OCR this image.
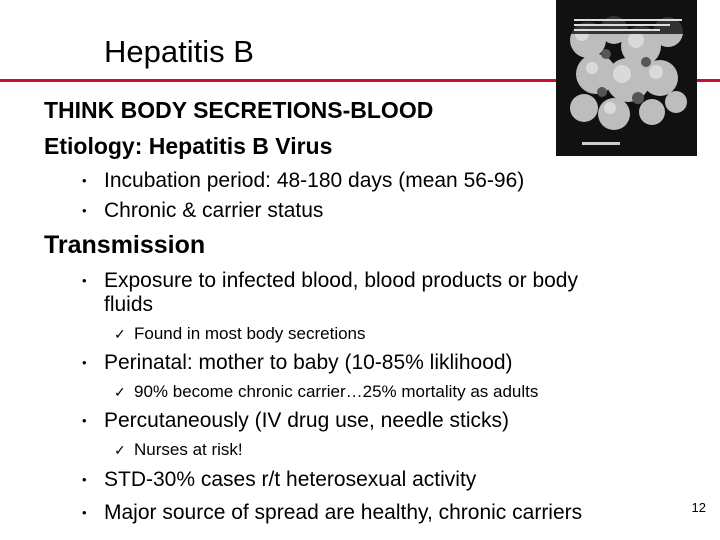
Hepatitis B
THINK BODY SECRETIONS-BLOOD
Etiology: Hepatitis B Virus
• Incubation period: 48-180 days (mean 56-96)
• Chronic & carrier status
Transmission
• Exposure to infected blood, blood products or body
fluids
✓ Found in most body secretions
• Perinatal: mother to baby (10-85% liklihood)
✓ 90% become chronic carrier…25% mortality as adults
• Percutaneously (IV drug use, needle sticks)
✓ Nurses at risk!
• STD-30% cases r/t heterosexual activity
• Major source of spread are healthy, chronic carriers	12
